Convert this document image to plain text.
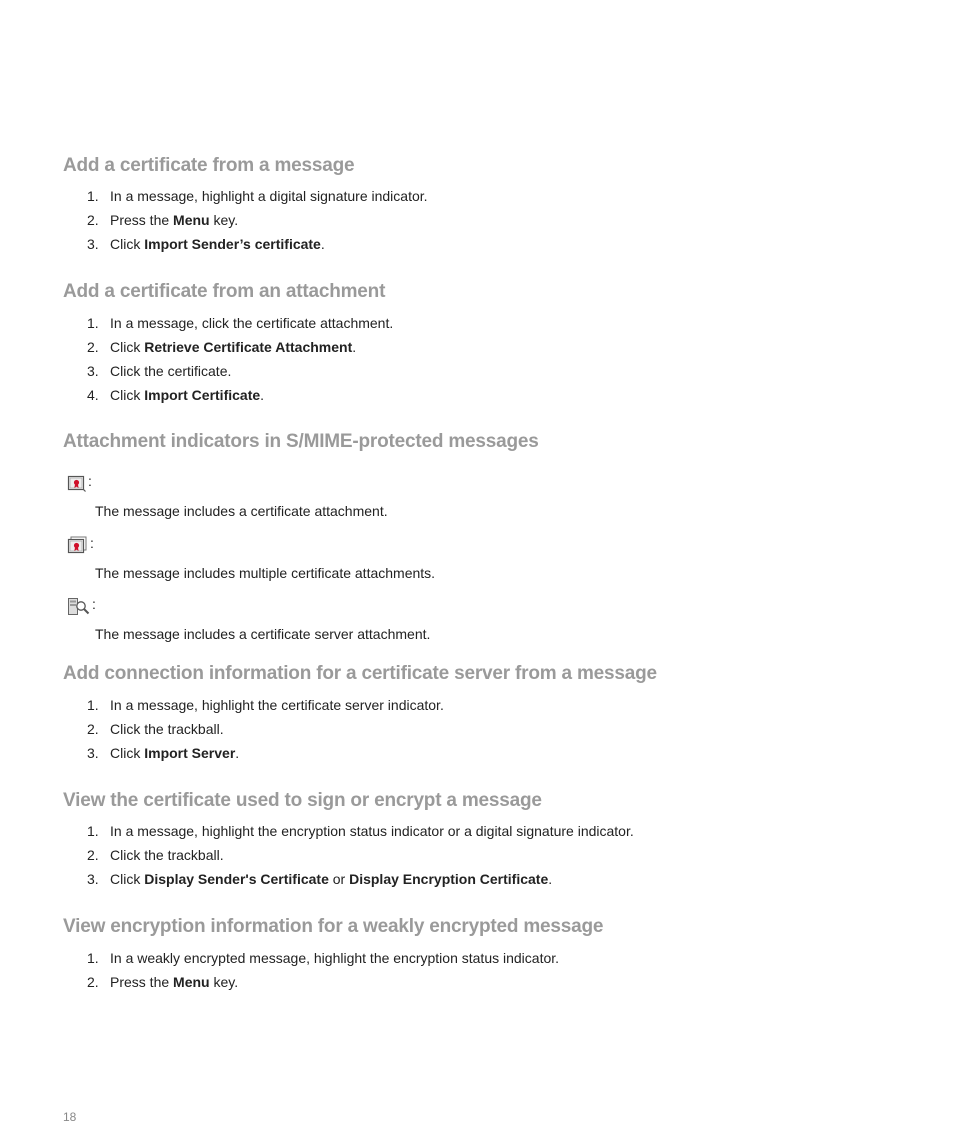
Add a certificate from a message
1. In a message, highlight a digital signature indicator.
2. Press the Menu key.
3. Click Import Sender’s certificate.
Add a certificate from an attachment
1. In a message, click the certificate attachment.
2. Click Retrieve Certificate Attachment.
3. Click the certificate.
4. Click Import Certificate.
Attachment indicators in S/MIME-protected messages
:
The message includes a certificate attachment.
:
The message includes multiple certificate attachments.
:
The message includes a certificate server attachment.
Add connection information for a certificate server from a message
1. In a message, highlight the certificate server indicator.
2. Click the trackball.
3. Click Import Server.
View the certificate used to sign or encrypt a message
1. In a message, highlight the encryption status indicator or a digital signature indicator.
2. Click the trackball.
3. Click Display Sender's Certificate or Display Encryption Certificate.
View encryption information for a weakly encrypted message
1. In a weakly encrypted message, highlight the encryption status indicator.
2. Press the Menu key.
18
